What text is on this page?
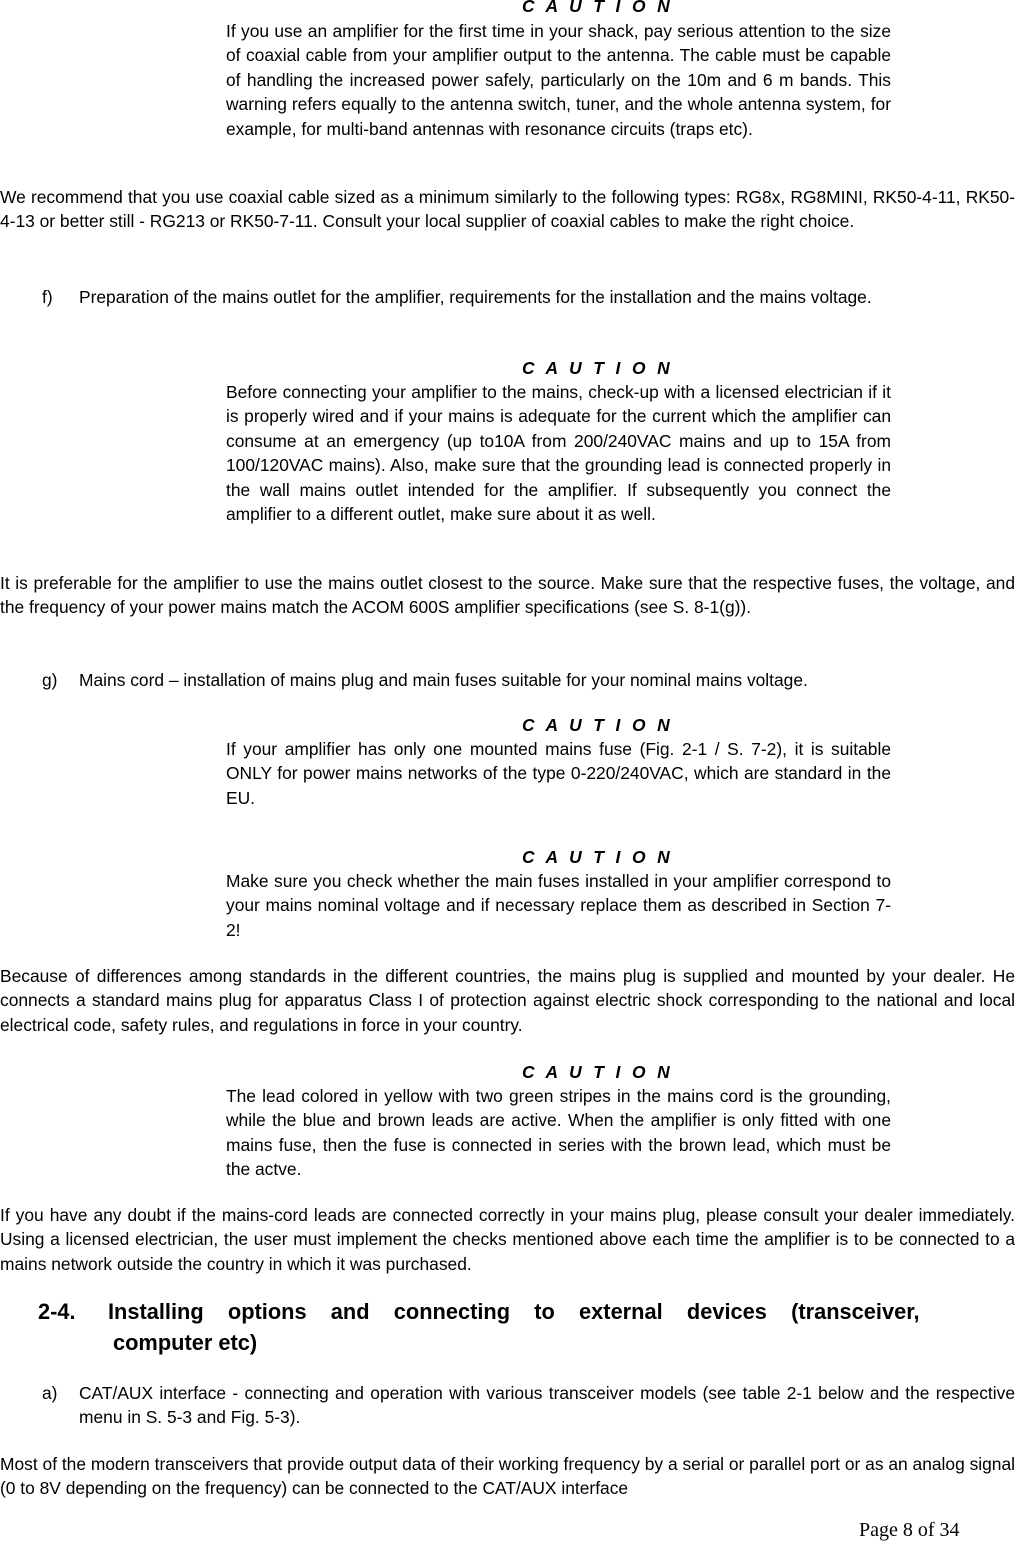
C A U T I O N

If you use an amplifier for the first time in your shack, pay serious attention to the size of coaxial cable from your amplifier output to the antenna. The cable must be capable of handling the increased power safely, particularly on the 10m and 6 m bands. This warning refers equally to the antenna switch, tuner, and the whole antenna system, for example, for multi-band antennas with resonance circuits (traps etc).

We recommend that you use coaxial cable sized as a minimum similarly to the following types: RG8x, RG8MINI, RK50-4-11, RK50-4-13 or better still - RG213 or RK50-7-11. Consult your local supplier of coaxial cables to make the right choice.

f) Preparation of the mains outlet for the amplifier, requirements for the installation and the mains voltage.

C A U T I O N

Before connecting your amplifier to the mains, check-up with a licensed electrician if it is properly wired and if your mains is adequate for the current which the amplifier can consume at an emergency (up to10A from 200/240VAC mains and up to 15A from 100/120VAC mains). Also, make sure that the grounding lead is connected properly in the wall mains outlet intended for the amplifier. If subsequently you connect the amplifier to a different outlet, make sure about it as well.

It is preferable for the amplifier to use the mains outlet closest to the source. Make sure that the respective fuses, the voltage, and the frequency of your power mains match the ACOM 600S amplifier specifications (see S. 8-1(g)).

g) Mains cord – installation of mains plug and main fuses suitable for your nominal mains voltage.

C A U T I O N

If your amplifier has only one mounted mains fuse (Fig. 2-1 / S. 7-2), it is suitable ONLY for power mains networks of the type 0-220/240VAC, which are standard in the EU.

C A U T I O N

Make sure you check whether the main fuses installed in your amplifier correspond to your mains nominal voltage and if necessary replace them as described in Section 7-2!

Because of differences among standards in the different countries, the mains plug is supplied and mounted by your dealer. He connects a standard mains plug for apparatus Class I of protection against electric shock corresponding to the national and local electrical code, safety rules, and regulations in force in your country.

C A U T I O N

The lead colored in yellow with two green stripes in the mains cord is the grounding, while the blue and brown leads are active. When the amplifier is only fitted with one mains fuse, then the fuse is connected in series with the brown lead, which must be the actve.

If you have any doubt if the mains-cord leads are connected correctly in your mains plug, please consult your dealer immediately. Using a licensed electrician, the user must implement the checks mentioned above each time the amplifier is to be connected to a mains network outside the country in which it was purchased.

2-4. Installing    options    and    connecting    to    external    devices    (transceiver,

computer etc)

a) CAT/AUX interface - connecting and operation with various transceiver models (see table 2-1 below and the respective menu in S. 5-3 and Fig. 5-3).

Most of the modern transceivers that provide output data of their working frequency by a serial or parallel port or as an analog signal (0 to 8V depending on the frequency) can be connected to the CAT/AUX interface

Page 8 of 34
